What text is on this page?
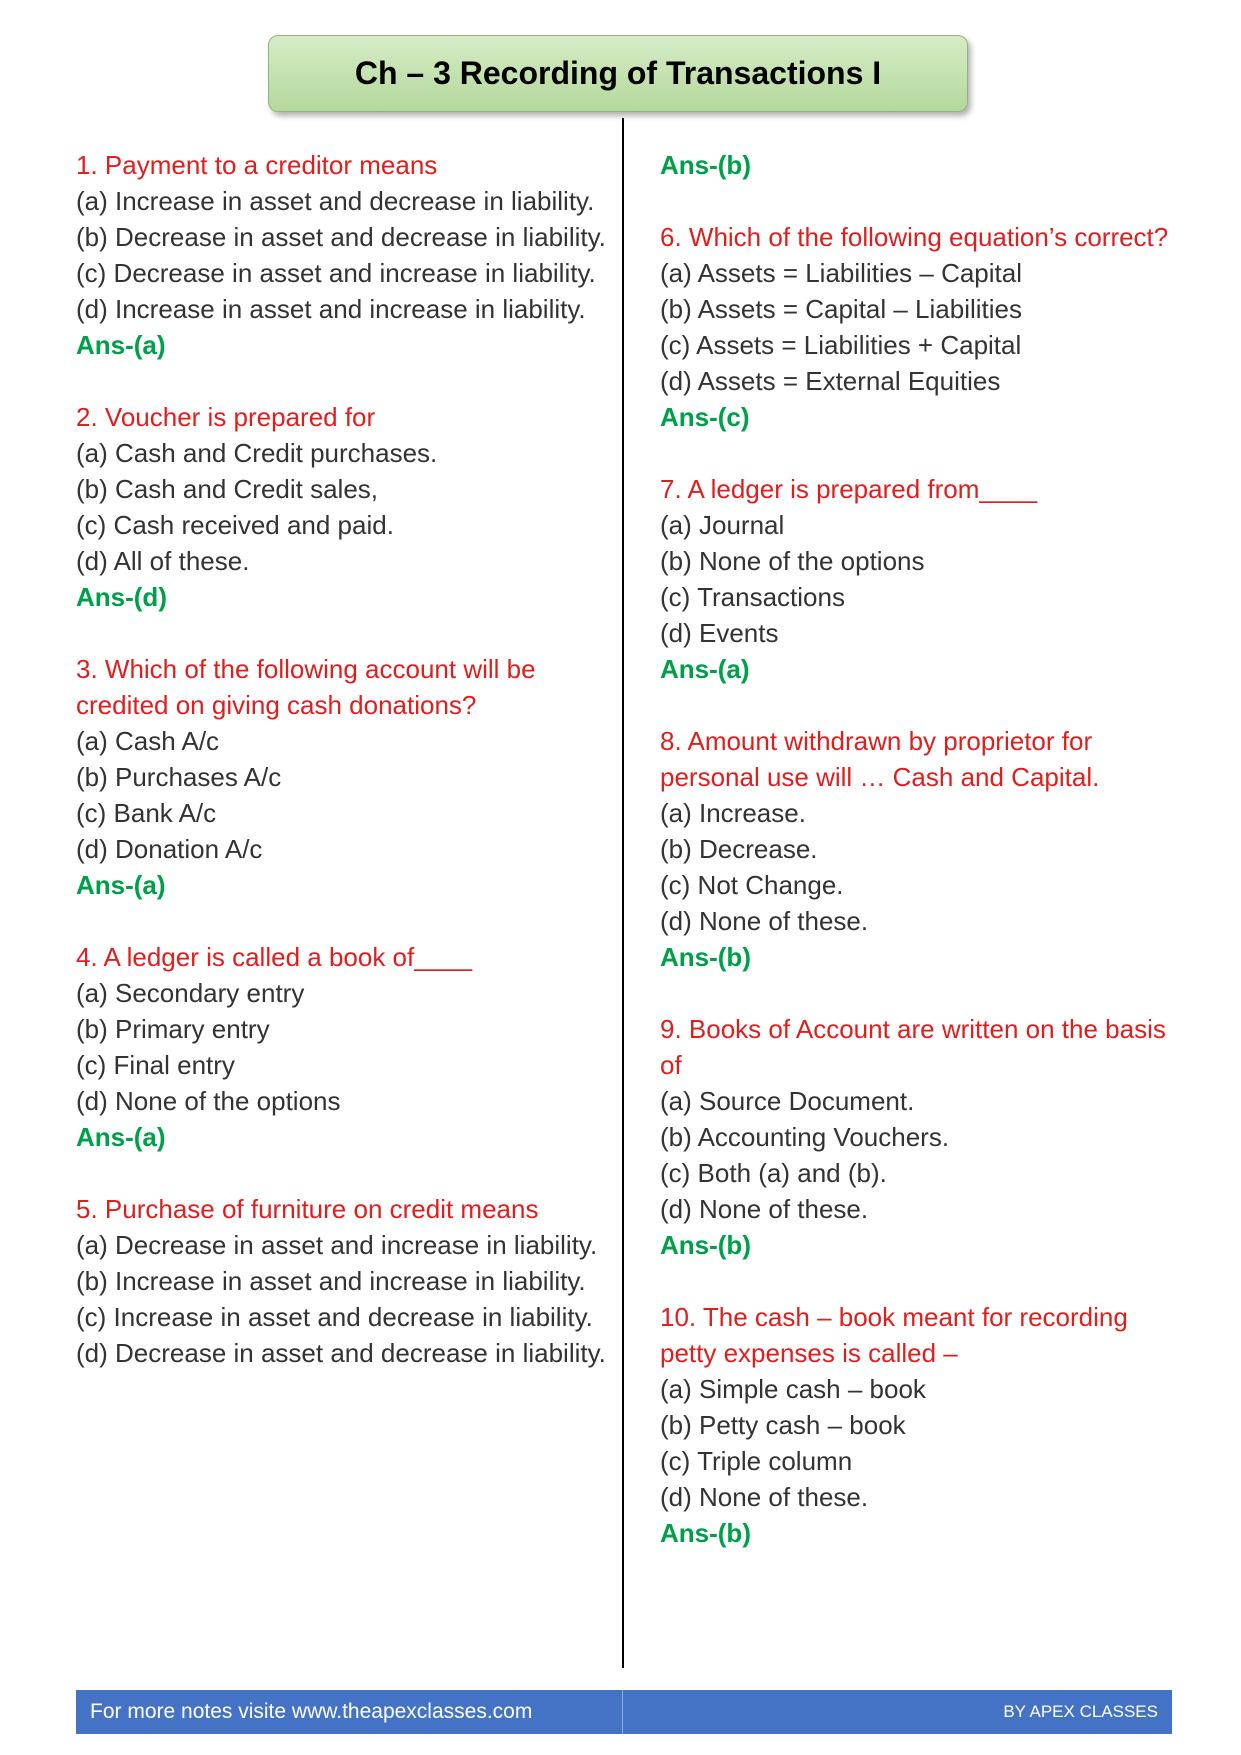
Ch – 3 Recording of Transactions I
1. Payment to a creditor means
(a) Increase in asset and decrease in liability.
(b) Decrease in asset and decrease in liability.
(c) Decrease in asset and increase in liability.
(d) Increase in asset and increase in liability.
Ans-(a)
2. Voucher is prepared for
(a) Cash and Credit purchases.
(b) Cash and Credit sales,
(c) Cash received and paid.
(d) All of these.
Ans-(d)
3. Which of the following account will be credited on giving cash donations?
(a) Cash A/c
(b) Purchases A/c
(c) Bank A/c
(d) Donation A/c
Ans-(a)
4. A ledger is called a book of____
(a) Secondary entry
(b) Primary entry
(c) Final entry
(d) None of the options
Ans-(a)
5. Purchase of furniture on credit means
(a) Decrease in asset and increase in liability.
(b) Increase in asset and increase in liability.
(c) Increase in asset and decrease in liability.
(d) Decrease in asset and decrease in liability.
Ans-(b)
6. Which of the following equation’s correct?
(a) Assets = Liabilities – Capital
(b) Assets = Capital – Liabilities
(c) Assets = Liabilities + Capital
(d) Assets = External Equities
Ans-(c)
7. A ledger is prepared from____
(a) Journal
(b) None of the options
(c) Transactions
(d) Events
Ans-(a)
8. Amount withdrawn by proprietor for personal use will … Cash and Capital.
(a) Increase.
(b) Decrease.
(c) Not Change.
(d) None of these.
Ans-(b)
9. Books of Account are written on the basis of
(a) Source Document.
(b) Accounting Vouchers.
(c) Both (a) and (b).
(d) None of these.
Ans-(b)
10. The cash – book meant for recording petty expenses is called –
(a) Simple cash – book
(b) Petty cash – book
(c) Triple column
(d) None of these.
Ans-(b)
For more notes visite www.theapexclasses.com	BY APEX CLASSES
